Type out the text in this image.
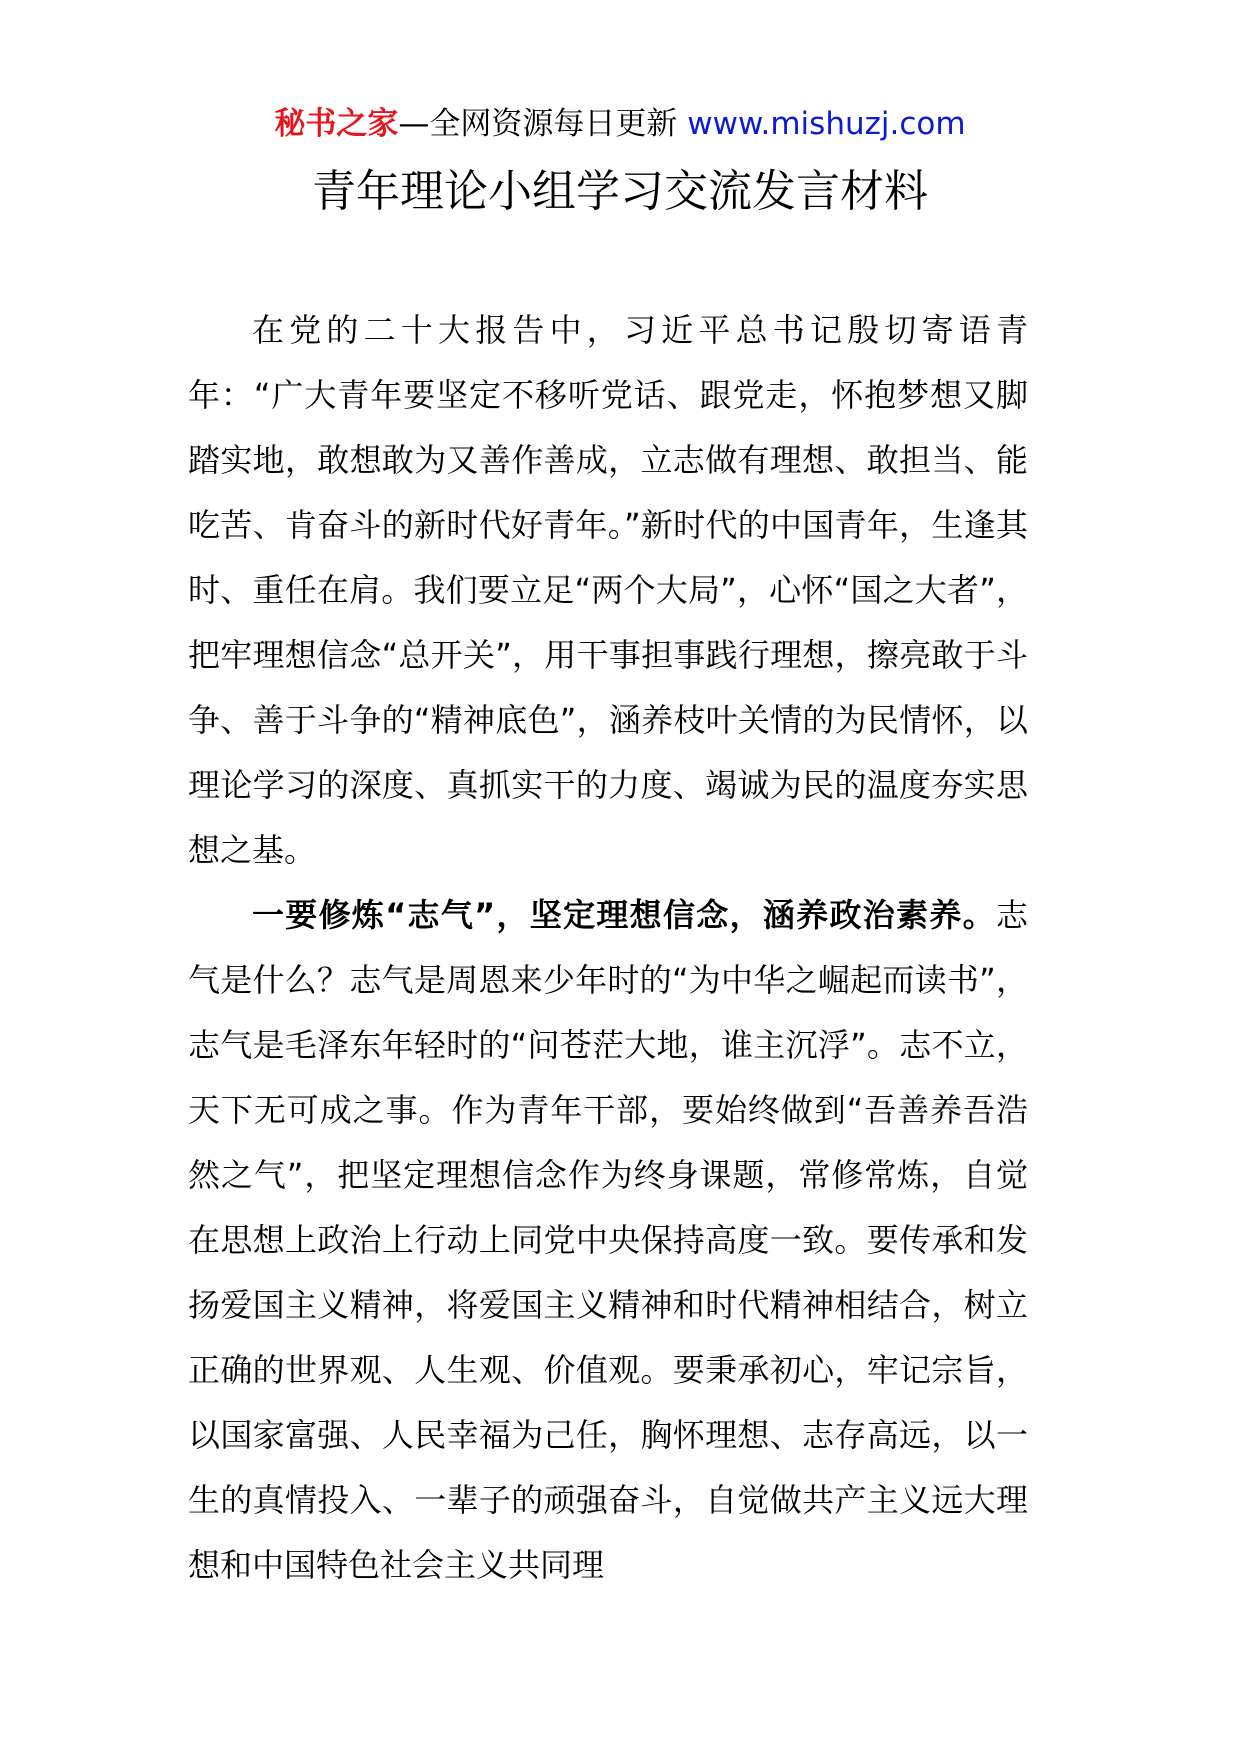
秘书之家—全网资源每日更新 www.mishuzj.com
青年理论小组学习交流发言材料

在党的二十大报告中，习近平总书记殷切寄语青年：“广大青年要坚定不移听党话、跟党走，怀抱梦想又脚踏实地，敢想敢为又善作善成，立志做有理想、敢担当、能吃苦、肯奋斗的新时代好青年。”新时代的中国青年，生逢其时、重任在肩。我们要立足“两个大局”，心怀“国之大者”，把牢理想信念“总开关”，用干事担事践行理想，擦亮敢于斗争、善于斗争的“精神底色”，涵养枝叶关情的为民情怀，以理论学习的深度、真抓实干的力度、竭诚为民的温度夯实思想之基。

一要修炼“志气”，坚定理想信念，涵养政治素养。志气是什么？志气是周恩来少年时的“为中华之崛起而读书”，志气是毛泽东年轻时的“问苍茫大地，谁主沉浮”。志不立，天下无可成之事。作为青年干部，要始终做到“吾善养吾浩然之气”，把坚定理想信念作为终身课题，常修常炼，自觉在思想上政治上行动上同党中央保持高度一致。要传承和发扬爱国主义精神，将爱国主义精神和时代精神相结合，树立正确的世界观、人生观、价值观。要秉承初心，牢记宗旨，以国家富强、人民幸福为己任，胸怀理想、志存高远，以一生的真情投入、一辈子的顽强奋斗，自觉做共产主义远大理想和中国特色社会主义共同理
